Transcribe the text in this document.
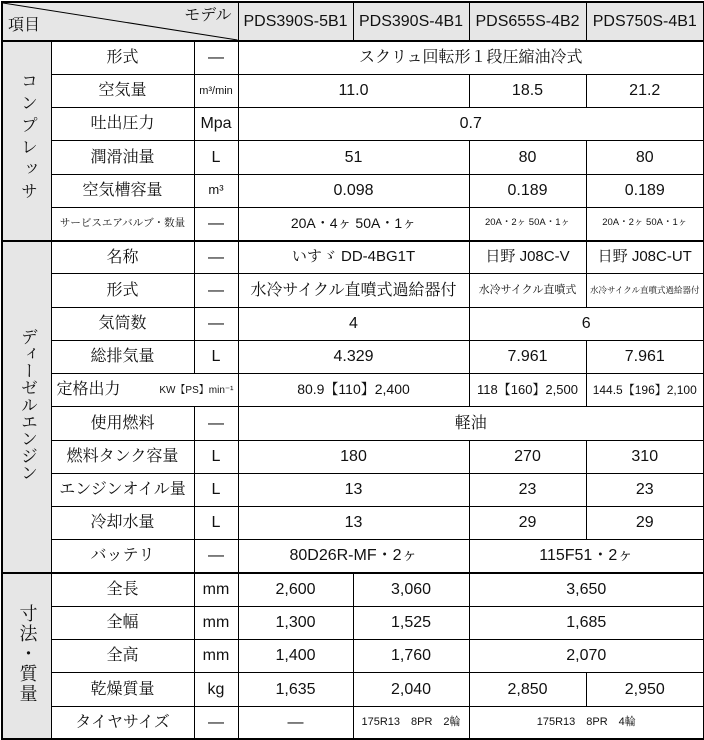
項目
モデル			PDS390S-5B1	PDS390S-4B1	PDS655S-4B2	PDS750S-4B1
コンプレッサ	形式	—	スクリュ回転形１段圧縮油冷式			
	空気量	m³/min	11.0		18.5	21.2
	吐出圧力	Mpa	0.7			
	潤滑油量	L	51		80	80
	空気槽容量	m³	0.098		0.189	0.189
	サービスエアバルブ・数量	—	20A・4ヶ 50A・1ヶ		20A・2ヶ 50A・1ヶ	20A・2ヶ 50A・1ヶ
ディーゼルエンジン	名称	—	いすゞ DD-4BG1T		日野 J08C-V	日野 J08C-UT
	形式	—	水冷サイクル直噴式過給器付		水冷サイクル直噴式	水冷サイクル直噴式過給器付
	気筒数	—	4		6	
	総排気量	L	4.329		7.961	7.961

	定格出力 KW【PS】min⁻¹		80.9【110】2,400		118【160】2,500	144.5【196】2,100
	使用燃料	—	軽油			
	燃料タンク容量	L	180		270	310
	エンジンオイル量	L	13		23	23
	冷却水量	L	13		29	29
	バッテリ	—	80D26R-MF・2ヶ		115F51・2ヶ	
寸法・質量	全長	mm	2,600	3,060	3,650	
	全幅	mm	1,300	1,525	1,685	
	全高	mm	1,400	1,760	2,070	
	乾燥質量	kg	1,635	2,040	2,850	2,950
	タイヤサイズ	—	—	175R13　8PR　2輪	175R13　8PR　4輪	
